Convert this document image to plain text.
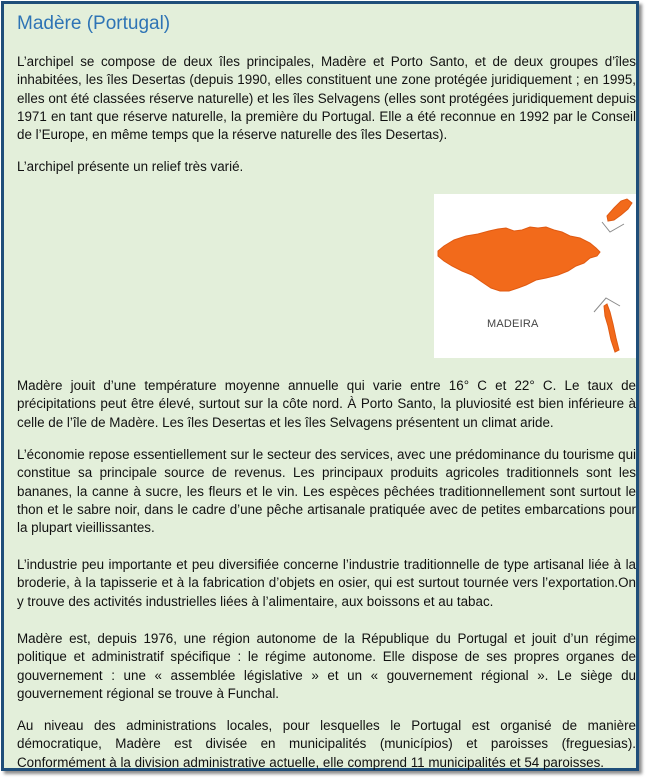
Madère (Portugal)

L’archipel se compose de deux îles principales, Madère et Porto Santo, et de deux groupes d’îles inhabitées, les îles Desertas (depuis 1990, elles constituent une zone protégée juridiquement ; en 1995, elles ont été classées réserve naturelle) et les îles Selvagens (elles sont protégées juridiquement depuis 1971 en tant que réserve naturelle, la première du Portugal. Elle a été reconnue en 1992 par le Conseil de l’Europe, en même temps que la réserve naturelle des îles Desertas).

L’archipel présente un relief très varié.

MADEIRA

Madère jouit d’une température moyenne annuelle qui varie entre 16° C et 22° C. Le taux de précipitations peut être élevé, surtout sur la côte nord. À Porto Santo, la pluviosité est bien inférieure à celle de l’île de Madère. Les îles Desertas et les îles Selvagens présentent un climat aride.

L’économie repose essentiellement sur le secteur des services, avec une prédominance du tourisme qui constitue sa principale source de revenus. Les principaux produits agricoles traditionnels sont les bananes, la canne à sucre, les fleurs et le vin. Les espèces pêchées traditionnellement sont surtout le thon et le sabre noir, dans le cadre d’une pêche artisanale pratiquée avec de petites embarcations pour la plupart vieillissantes.

L’industrie peu importante et peu diversifiée concerne l’industrie traditionnelle de type artisanal liée à la broderie, à la tapisserie et à la fabrication d’objets en osier, qui est surtout tournée vers l’exportation.On y trouve des activités industrielles liées à l’alimentaire, aux boissons et au tabac.

Madère est, depuis 1976, une région autonome de la République du Portugal et jouit d’un régime politique et administratif spécifique : le régime autonome. Elle dispose de ses propres organes de gouvernement : une « assemblée législative » et un « gouvernement régional ». Le siège du gouvernement régional se trouve à Funchal.

Au niveau des administrations locales, pour lesquelles le Portugal est organisé de manière démocratique, Madère est divisée en municipalités (municípios) et paroisses (freguesias). Conformément à la division administrative actuelle, elle comprend 11 municipalités et 54 paroisses.
